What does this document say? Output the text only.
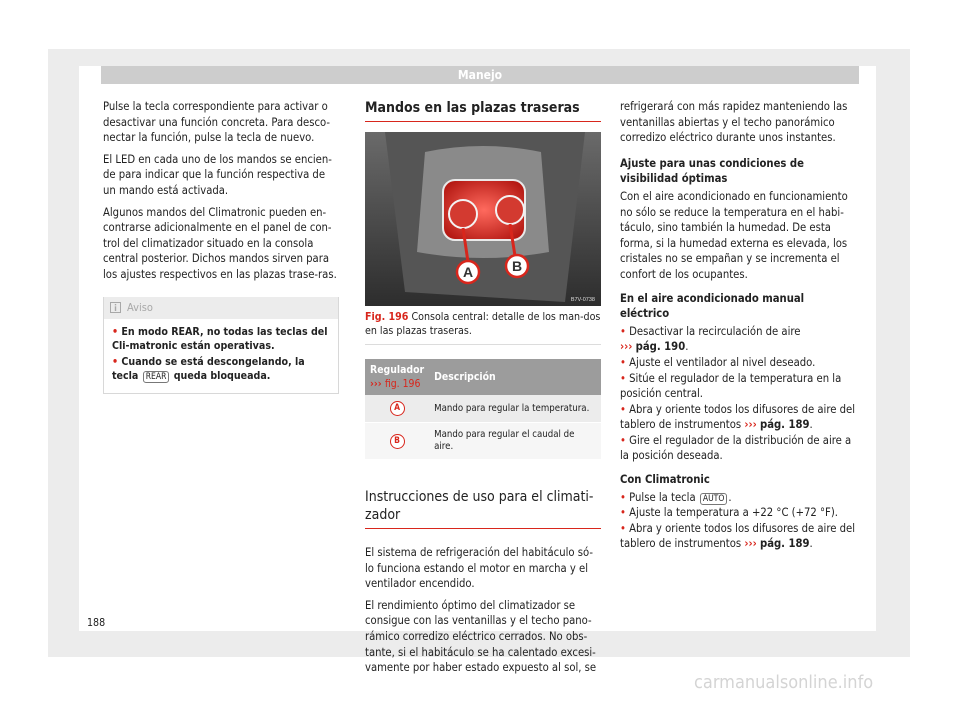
Manejo

Pulse la tecla correspondiente para activar o desactivar una función concreta. Para desco-nectar la función, pulse la tecla de nuevo.

El LED en cada uno de los mandos se encien-de para indicar que la función respectiva de un mando está activada.

Algunos mandos del Climatronic pueden en-contrarse adicionalmente en el panel de con-trol del climatizador situado en la consola central posterior. Dichos mandos sirven para los ajustes respectivos en las plazas trase-ras.

Aviso
• En modo REAR, no todas las teclas del Cli-matronic están operativas.
• Cuando se está descongelando, la tecla REAR queda bloqueada.
Mandos en las plazas traseras
A	B
B7V-0738
Fig. 196 Consola central: detalle de los man-dos en las plazas traseras.
Regulador
››› fig. 196	Descripción
A	Mando para regular la temperatura.
B	Mando para regular el caudal de aire.
Instrucciones de uso para el climati-zador

El sistema de refrigeración del habitáculo só-lo funciona estando el motor en marcha y el ventilador encendido.

El rendimiento óptimo del climatizador se consigue con las ventanillas y el techo pano-rámico corredizo eléctrico cerrados. No obs-tante, si el habitáculo se ha calentado excesi-vamente por haber estado expuesto al sol, se

refrigerará con más rapidez manteniendo las ventanillas abiertas y el techo panorámico corredizo eléctrico durante unos instantes.

Ajuste para unas condiciones de visibilidad óptimas

Con el aire acondicionado en funcionamiento no sólo se reduce la temperatura en el habi-táculo, sino también la humedad. De esta forma, si la humedad externa es elevada, los cristales no se empañan y se incrementa el confort de los ocupantes.

En el aire acondicionado manual eléctrico
• Desactivar la recirculación de aire
››› pág. 190.
• Ajuste el ventilador al nivel deseado.
• Sitúe el regulador de la temperatura en la posición central.
• Abra y oriente todos los difusores de aire del tablero de instrumentos ››› pág. 189.
• Gire el regulador de la distribución de aire a la posición deseada.
Con Climatronic
• Pulse la tecla AUTO .
• Ajuste la temperatura a +22 °C (+72 °F).
• Abra y oriente todos los difusores de aire del tablero de instrumentos ››› pág. 189.
188
carmanualsonline.info
